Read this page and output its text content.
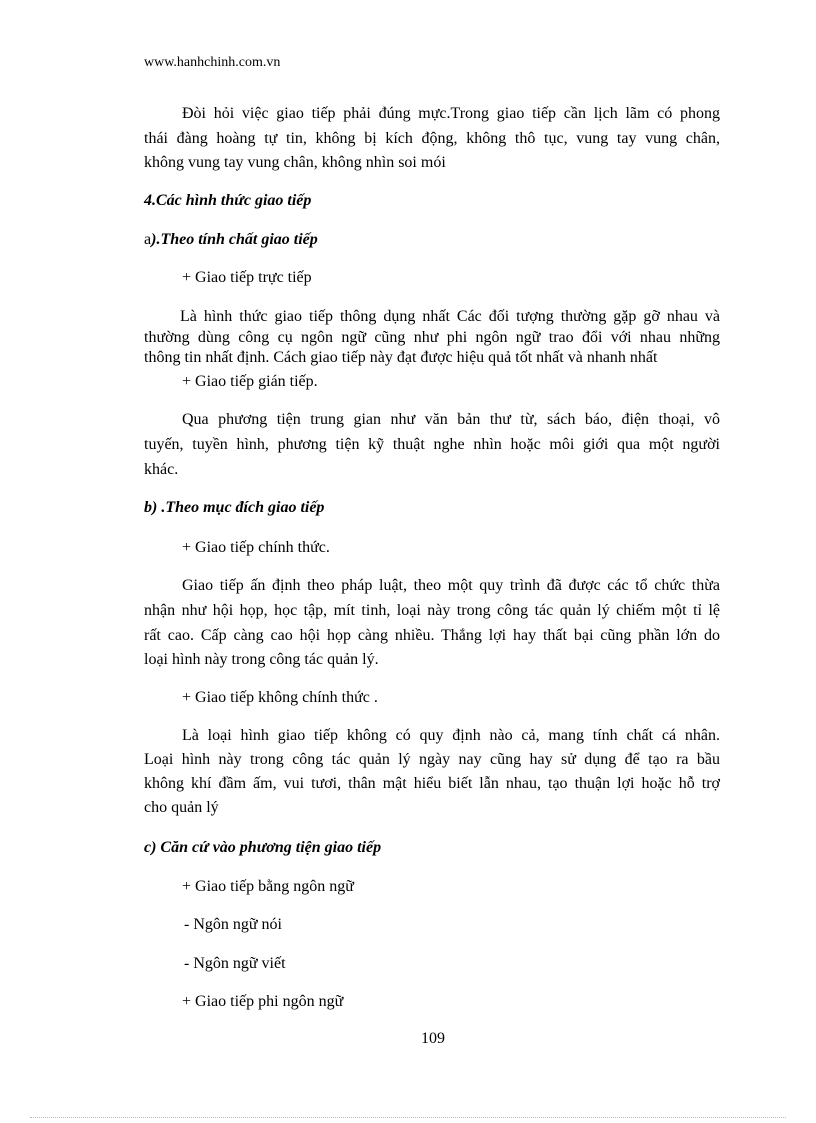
www.hanhchinh.com.vn
Đòi hỏi việc giao tiếp phải đúng mực.Trong giao tiếp cần lịch lãm có phong
thái đàng hoàng tự tin, không bị kích động, không thô tục, vung tay vung chân,
không vung tay vung chân, không nhìn soi mói
4.Các hình thức giao tiếp
a).Theo tính chất giao tiếp
+ Giao tiếp trực tiếp
Là hình thức giao tiếp thông dụng nhất Các đối tượng thường gặp gỡ nhau và
thường dùng công cụ ngôn ngữ cũng như phi ngôn ngữ trao đổi với nhau những
thông tin nhất định. Cách giao tiếp này đạt được hiệu quả tốt nhất và nhanh nhất
+ Giao tiếp gián tiếp.
Qua phương tiện trung gian như văn bản thư từ, sách báo, điện thoại, vô
tuyến, tuyền hình, phương tiện kỹ thuật nghe nhìn hoặc môi giới qua một người
khác.
b) .Theo mục đích giao tiếp
+ Giao tiếp chính thức.
Giao tiếp ấn định theo pháp luật, theo một quy trình đã được các tổ chức thừa
nhận như hội họp, học tập, mít tinh, loại này trong công tác quản lý chiếm một tỉ lệ
rất cao. Cấp càng cao hội họp càng nhiều. Thắng lợi hay thất bại cũng phần lớn do
loại hình này trong công tác quản lý.
+ Giao tiếp không chính thức .
Là loại hình giao tiếp không có quy định nào cả, mang tính chất cá nhân.
Loại hình này trong công tác quản lý ngày nay cũng hay sử dụng để tạo ra bầu
không khí đầm ấm, vui tươi, thân mật hiểu biết lẫn nhau, tạo thuận lợi hoặc hỗ trợ
cho quản lý
c) Căn cứ vào phương tiện giao tiếp
+ Giao tiếp bằng ngôn ngữ
- Ngôn ngữ nói
- Ngôn ngữ viết
+ Giao tiếp phi ngôn ngữ
109
